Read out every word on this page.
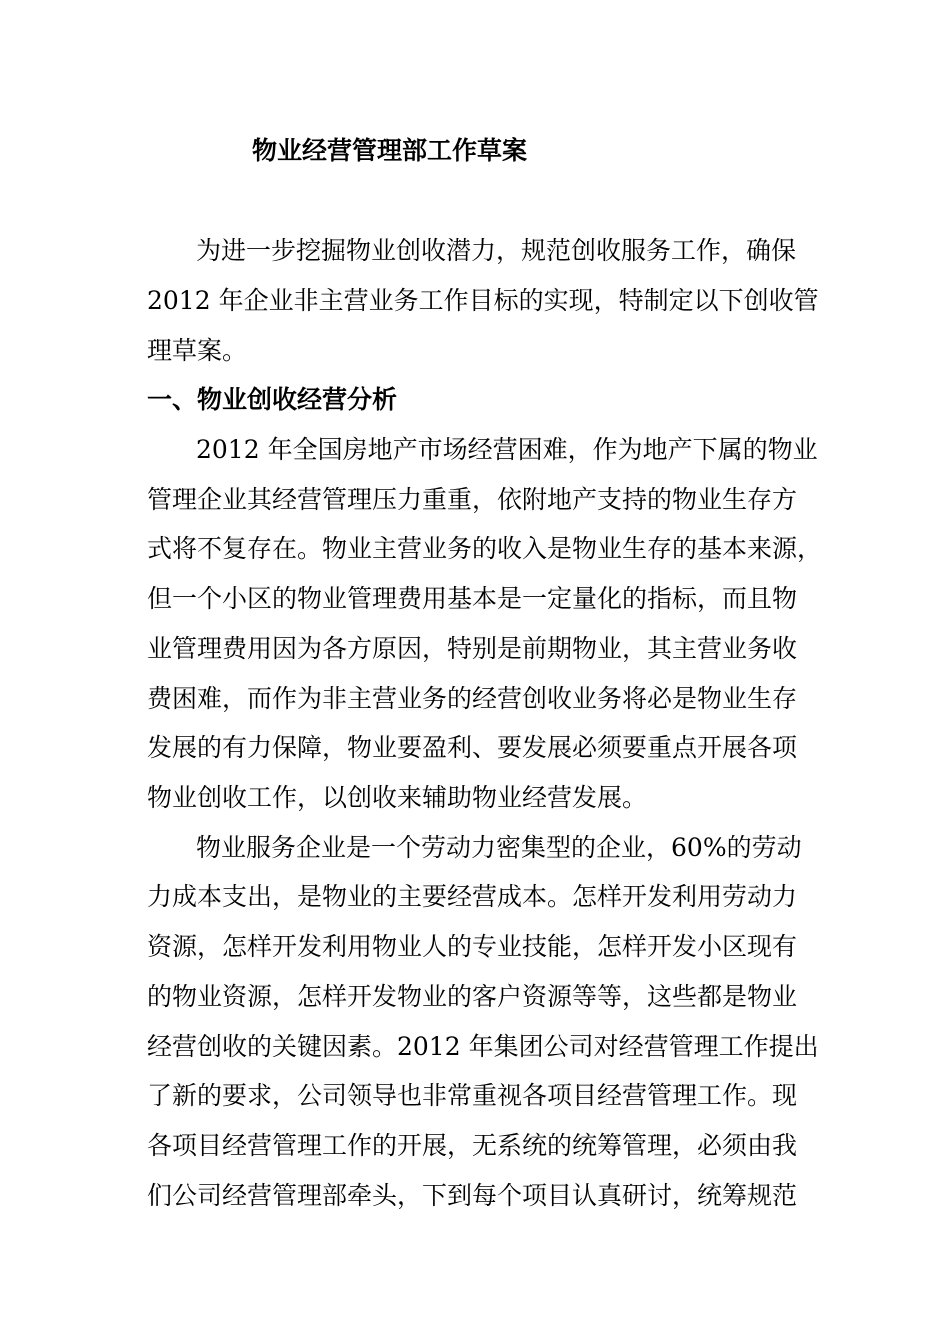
物业经营管理部工作草案
为进一步挖掘物业创收潜力，规范创收服务工作，确保
2012 年企业非主营业务工作目标的实现，特制定以下创收管
理草案。
一、物业创收经营分析
2012 年全国房地产市场经营困难，作为地产下属的物业
管理企业其经营管理压力重重，依附地产支持的物业生存方
式将不复存在。物业主营业务的收入是物业生存的基本来源，
但一个小区的物业管理费用基本是一定量化的指标，而且物
业管理费用因为各方原因，特别是前期物业，其主营业务收
费困难，而作为非主营业务的经营创收业务将必是物业生存
发展的有力保障，物业要盈利、要发展必须要重点开展各项
物业创收工作，以创收来辅助物业经营发展。
物业服务企业是一个劳动力密集型的企业，60%的劳动
力成本支出，是物业的主要经营成本。怎样开发利用劳动力
资源，怎样开发利用物业人的专业技能，怎样开发小区现有
的物业资源，怎样开发物业的客户资源等等，这些都是物业
经营创收的关键因素。2012 年集团公司对经营管理工作提出
了新的要求，公司领导也非常重视各项目经营管理工作。现
各项目经营管理工作的开展，无系统的统筹管理，必须由我
们公司经营管理部牵头，下到每个项目认真研讨，统筹规范
